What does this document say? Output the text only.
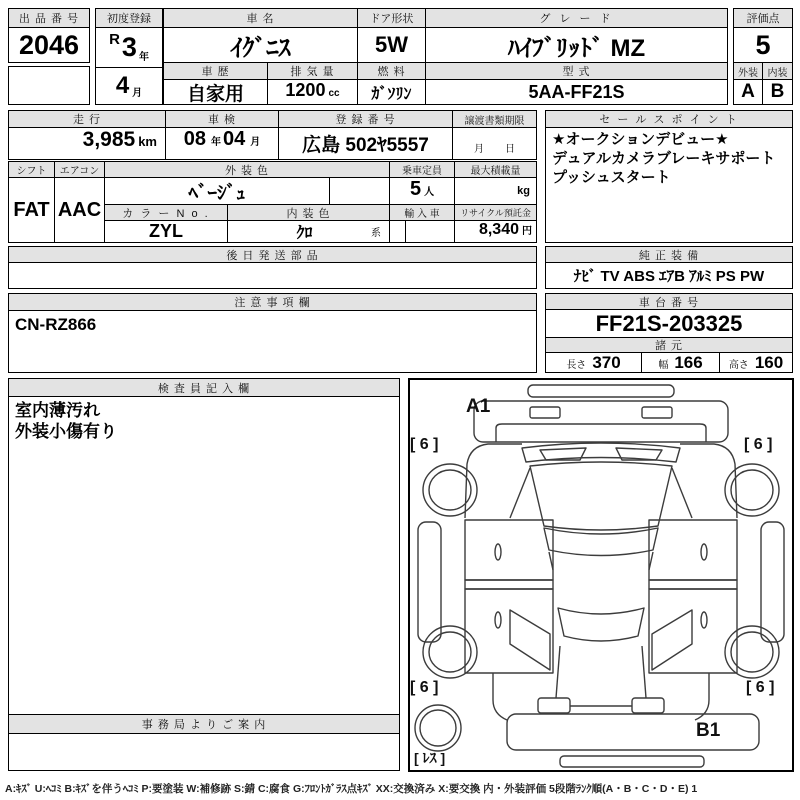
出 品 番 号
2046
初度登録
R 3 年
4 月
車 名
ｲｸﾞﾆｽ
車 歴
自家用
排 気 量
1200 cc
ドア形状
5W
燃 料
ｶﾞｿﾘﾝ
グ レ ー ド
ﾊｲﾌﾞﾘｯﾄﾞ MZ
型 式
5AA-FF21S
評価点
5
外装 内装
A B
走 行
3,985 km
車 検
08 年 04 月
登 録 番 号
広島 502ﾔ5557
譲渡書類期限
月 日
セ ー ル ス ポ イ ン ト
★オークションデビュー★
デュアルカメラブレーキサポート
プッシュスタート
シフト
FAT
エアコン
AAC
外 装 色
ﾍﾞｰｼﾞｭ
乗車定員
5 人
最大積載量
kg
カ ラ ー N o .
ZYL
内 装 色
ｸﾛ	系
輸 入 車	リサイクル預託金
8,340 円
後 日 発 送 部 品	純 正 装 備
ﾅﾋﾞ TV ABS ｴｱB ｱﾙﾐ PS PW
注 意 事 項 欄
CN-RZ866
車 台 番 号
FF21S-203325
諸 元
長さ 370	幅 166	高さ 160
検 査 員 記 入 欄
室内薄汚れ
外装小傷有り
事 務 局 よ り ご 案 内
A1
[ 6 ]	[ 6 ]
[ 6 ]	[ 6 ]
B1
[ ﾚｽ ]
A:ｷｽﾞ U:ﾍｺﾐ B:ｷｽﾞを伴うﾍｺﾐ P:要塗装 W:補修跡 S:錆 C:腐食 G:ﾌﾛﾝﾄｶﾞﾗｽ点ｷｽﾞ XX:交換済み X:要交換 内・外装評価 5段階ﾗﾝｸ順(A・B・C・D・E) 1
